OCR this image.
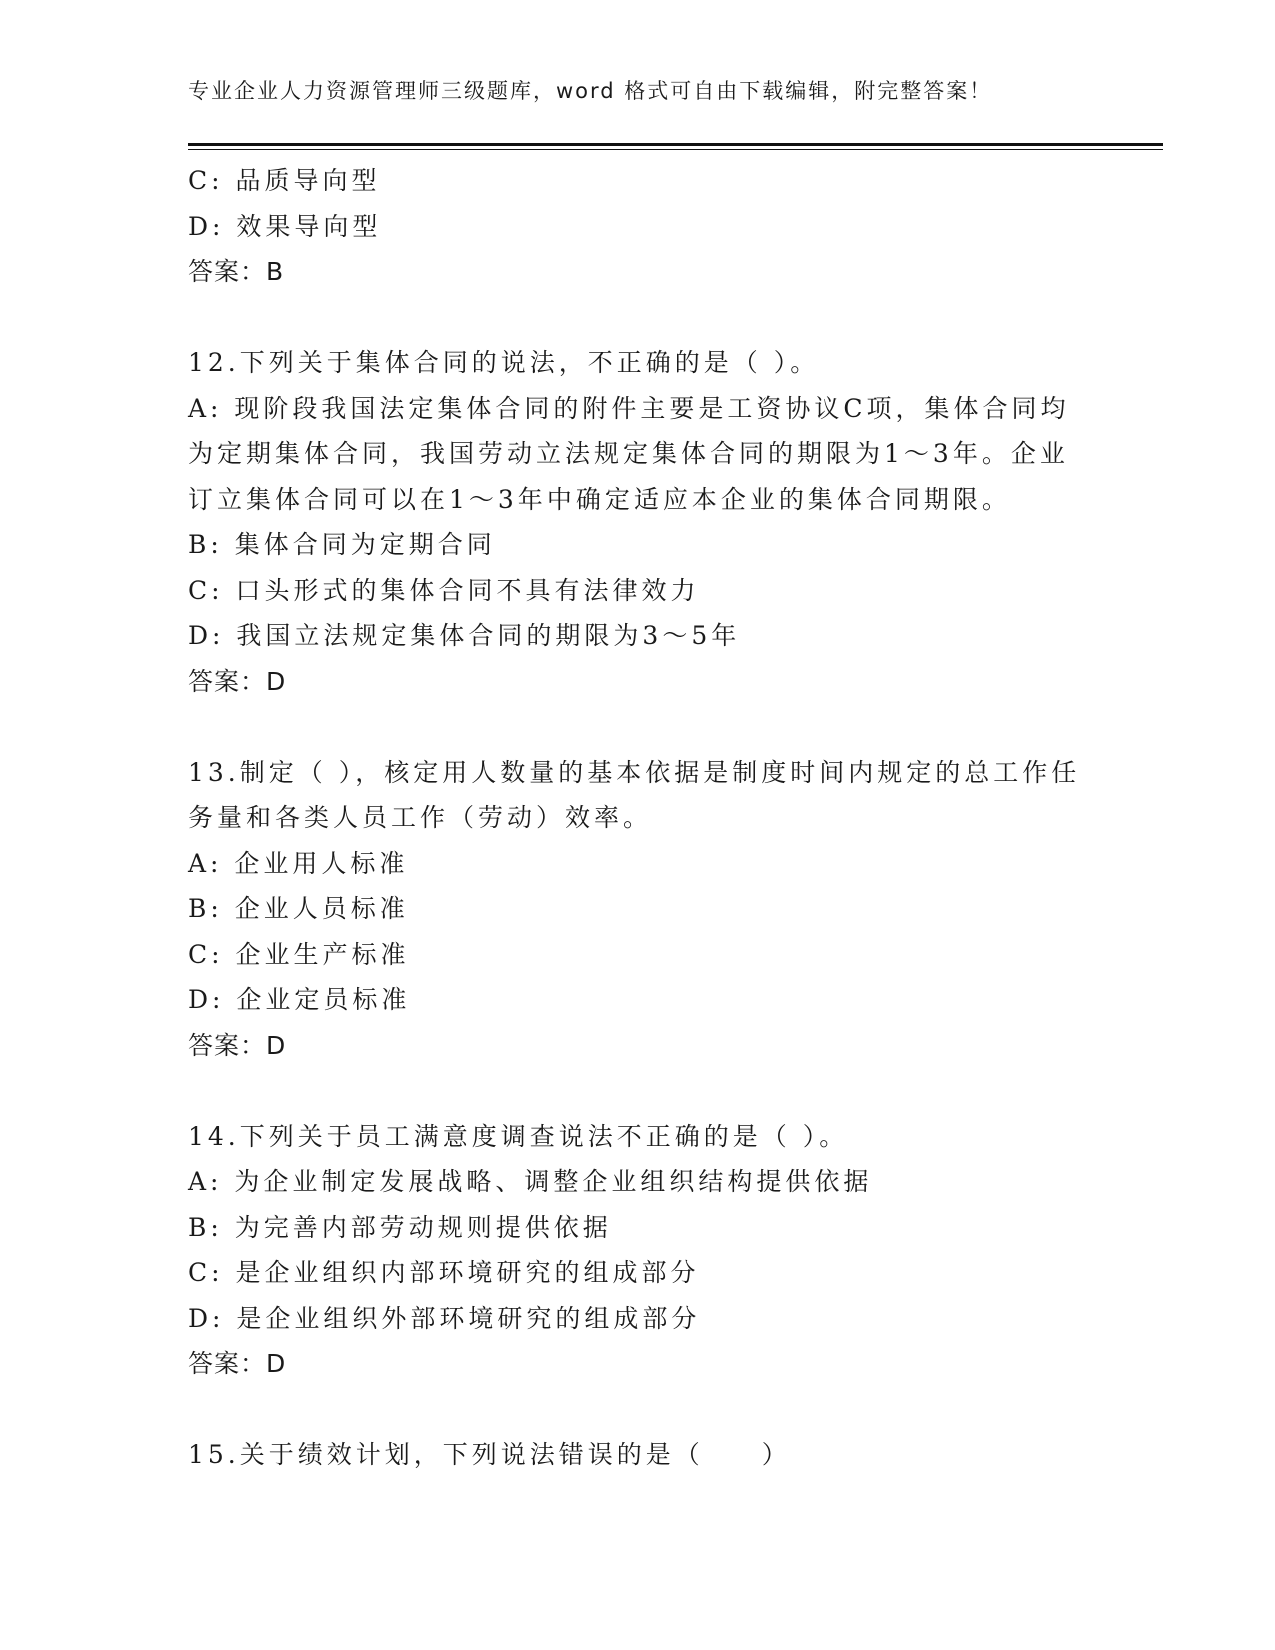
专业企业人力资源管理师三级题库，word 格式可自由下载编辑，附完整答案！
C: 品质导向型
D: 效果导向型
答案：B
12.下列关于集体合同的说法，不正确的是（ ）。
A: 现阶段我国法定集体合同的附件主要是工资协议C项，集体合同均为定期集体合同，我国劳动立法规定集体合同的期限为1～3年。企业订立集体合同可以在1～3年中确定适应本企业的集体合同期限。
B: 集体合同为定期合同
C: 口头形式的集体合同不具有法律效力
D: 我国立法规定集体合同的期限为3～5年
答案：D
13.制定（ ），核定用人数量的基本依据是制度时间内规定的总工作任务量和各类人员工作（劳动）效率。
A: 企业用人标准
B: 企业人员标准
C: 企业生产标准
D: 企业定员标准
答案：D
14.下列关于员工满意度调查说法不正确的是（ ）。
A: 为企业制定发展战略、调整企业组织结构提供依据
B: 为完善内部劳动规则提供依据
C: 是企业组织内部环境研究的组成部分
D: 是企业组织外部环境研究的组成部分
答案：D
15.关于绩效计划，下列说法错误的是（　　）
